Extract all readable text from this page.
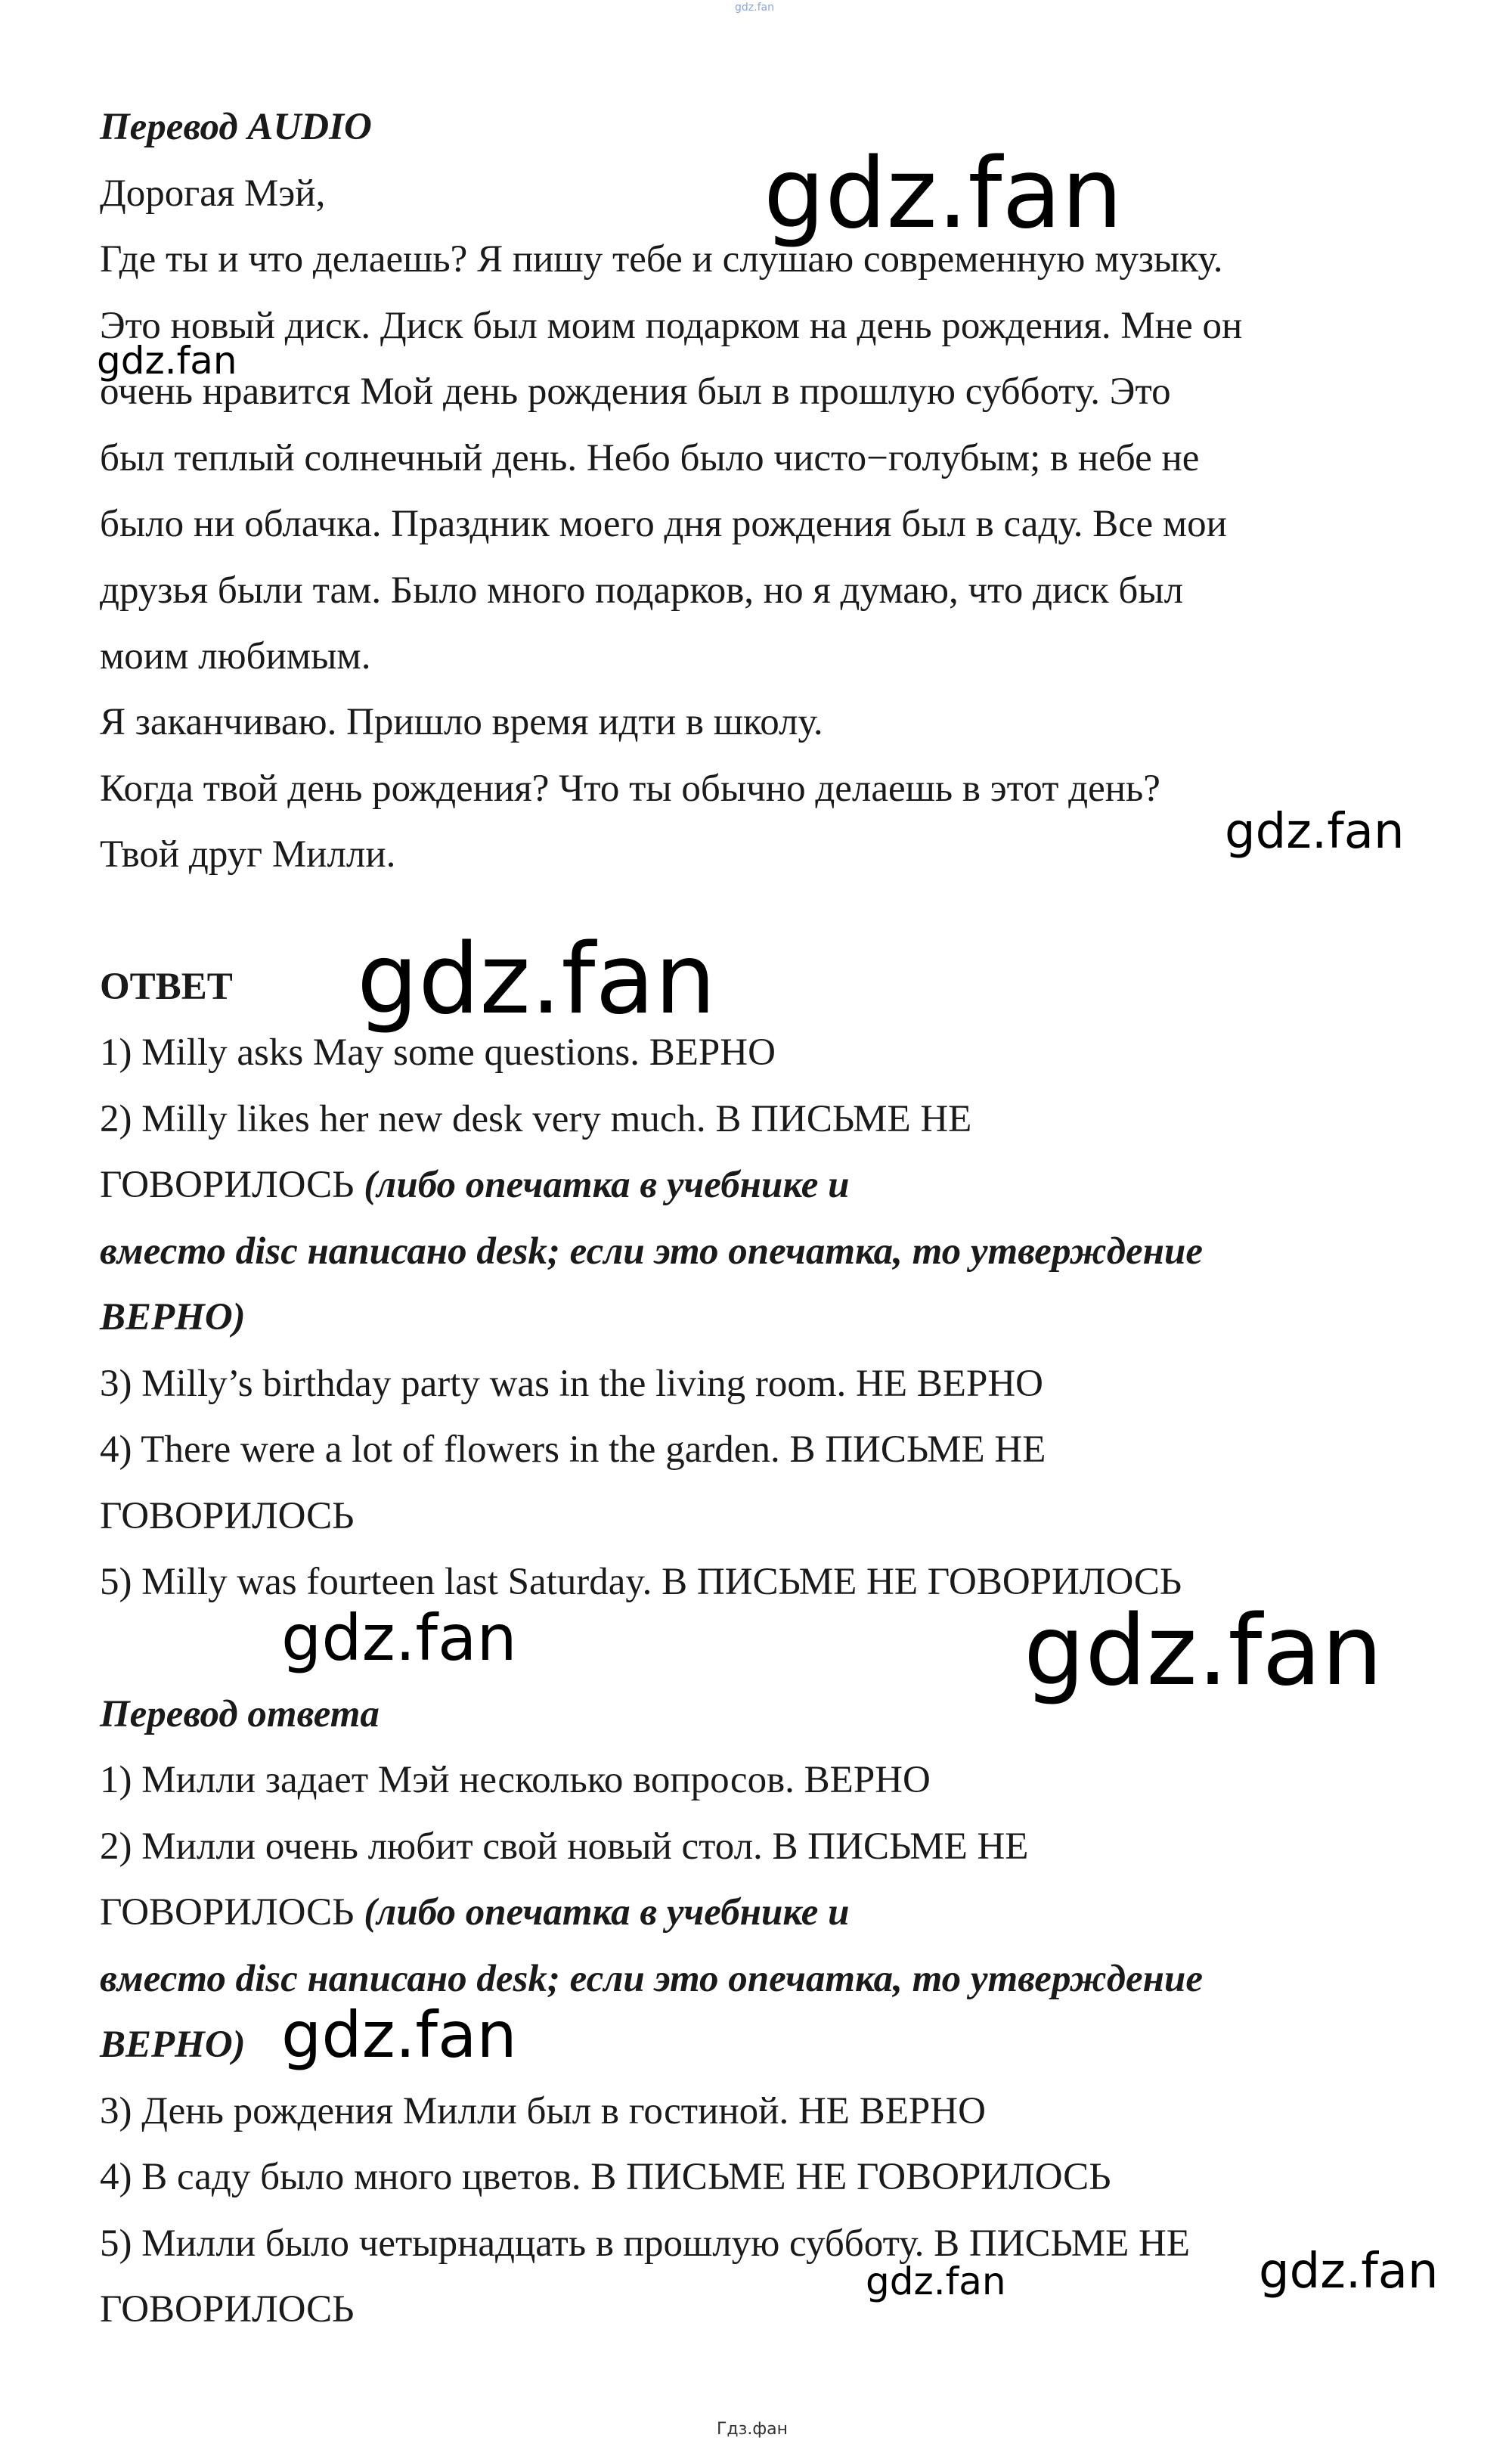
gdz.fan

Перевод AUDIO

Дорогая Мэй,

Где ты и что делаешь? Я пишу тебе и слушаю современную музыку.

Это новый диск. Диск был моим подарком на день рождения. Мне он

очень нравится Мой день рождения был в прошлую субботу. Это

был теплый солнечный день. Небо было чисто−голубым; в небе не

было ни облачка. Праздник моего дня рождения был в саду. Все мои

друзья были там. Было много подарков, но я думаю, что диск был

моим любимым.

Я заканчиваю. Пришло время идти в школу.

Когда твой день рождения? Что ты обычно делаешь в этот день?

Твой друг Милли.

ОТВЕТ

1) Milly asks May some questions. ВЕРНО

2) Milly likes her new desk very much. В ПИСЬМЕ НЕ

ГОВОРИЛОСЬ (либо опечатка в учебнике и

вместо disc написано desk; если это опечатка, то утверждение

ВЕРНО)

3) Milly’s birthday party was in the living room. НЕ ВЕРНО

4) There were a lot of flowers in the garden. В ПИСЬМЕ НЕ

ГОВОРИЛОСЬ

5) Milly was fourteen last Saturday. В ПИСЬМЕ НЕ ГОВОРИЛОСЬ

Перевод ответа

1) Милли задает Мэй несколько вопросов. ВЕРНО

2) Милли очень любит свой новый стол. В ПИСЬМЕ НЕ

ГОВОРИЛОСЬ (либо опечатка в учебнике и

вместо disc написано desk; если это опечатка, то утверждение

ВЕРНО)

3) День рождения Милли был в гостиной. НЕ ВЕРНО

4) В саду было много цветов. В ПИСЬМЕ НЕ ГОВОРИЛОСЬ

5) Милли было четырнадцать в прошлую субботу. В ПИСЬМЕ НЕ

ГОВОРИЛОСЬ

gdz.fan

gdz.fan

gdz.fan

gdz.fan

gdz.fan	gdz.fan

gdz.fan

gdz.fan	gdz.fan

Гдз.фан
